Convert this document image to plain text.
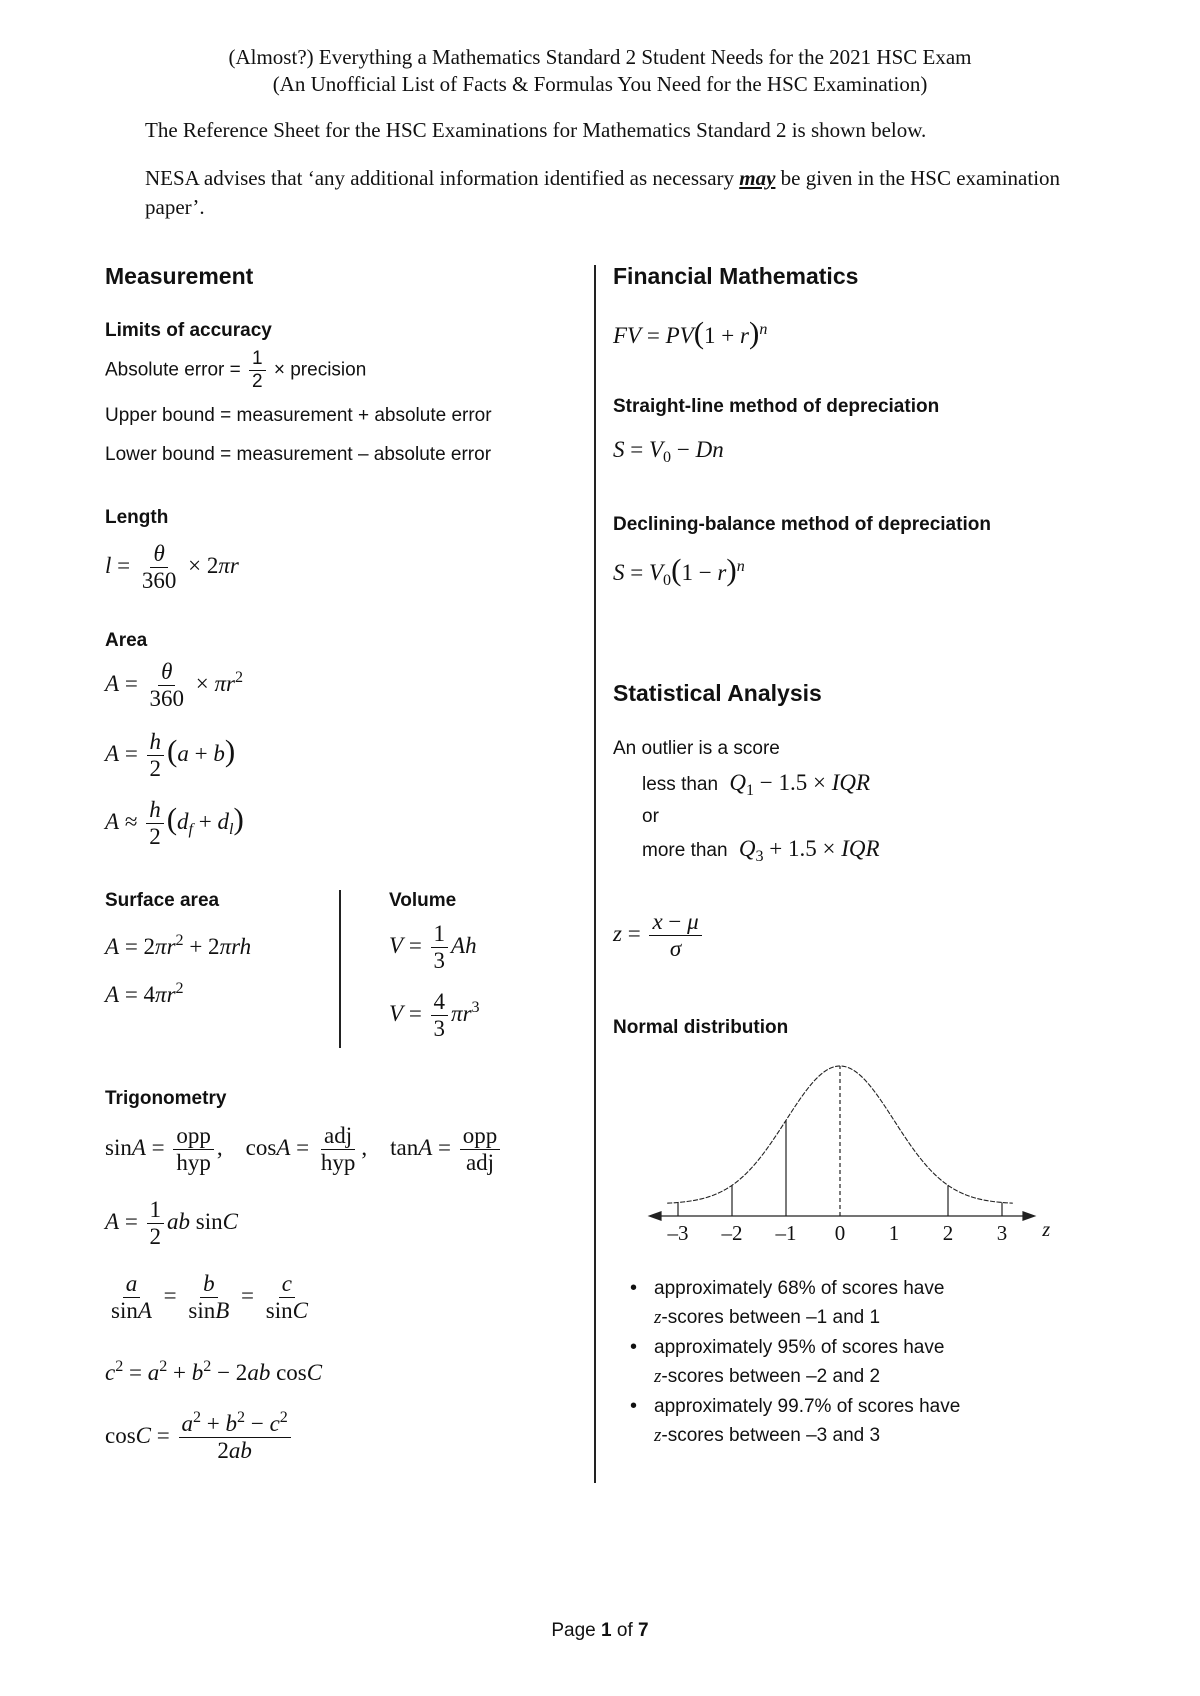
(Almost?) Everything a Mathematics Standard 2 Student Needs for the 2021 HSC Exam
(An Unofficial List of Facts & Formulas You Need for the HSC Examination)

The Reference Sheet for the HSC Examinations for Mathematics Standard 2 is shown below.

NESA advises that ‘any additional information identified as necessary may be given in the HSC examination paper’.

Measurement
Limits of accuracy
Absolute error = $\frac{1}{2}$ × precision
Upper bound = measurement + absolute error
Lower bound = measurement – absolute error
Length
$l = \frac{\theta}{360} \times 2\pi r$
Area
$A = \frac{\theta}{360} \times \pi r^2$
$A = \frac{h}{2} (a + b)$
$A \approx \frac{h}{2} (d_f + d_l)$
Surface area
$A = 2\pi r^2 + 2\pi rh$
$A = 4\pi r^2$
Volume
$V = \frac{1}{3}$ Ah
$V = \frac{4}{3} \pi r^3$
Trigonometry
$\sin A = \frac{\text{opp}}{\text{hyp}}$ ,    $\cos A = \frac{\text{adj}}{\text{hyp}}$ ,    $\tan A = \frac{\text{opp}}{\text{adj}}$
$A = \frac{1}{2}$ ab sinC
$\frac{a}{\sin A} = \frac{b}{\sin B} = \frac{c}{\sin C}$
$c^2 = a^2 + b^2 - 2ab$ cosC
$\cos C = \frac{a^2 + b^2 - c^2}{2ab}$
Financial Mathematics
FV = $PV(1 + r)^n$
Straight-line method of depreciation
$S = V_0 - Dn$
Declining-balance method of depreciation
$S = V_0(1 - r)^n$
Statistical Analysis
An outlier is a score
less than $Q_1 - 1.5$ × IQR
or
more than $Q_3 + 1.5$ × IQR
$z = \frac{x - \mu}{\sigma}$
Normal distribution
–3 –2 –1 0 1 2 3 z
• approximately 68% of scores have
z-scores between –1 and 1
• approximately 95% of scores have
z-scores between –2 and 2
• approximately 99.7% of scores have
z-scores between –3 and 3
Page 1 of 7
